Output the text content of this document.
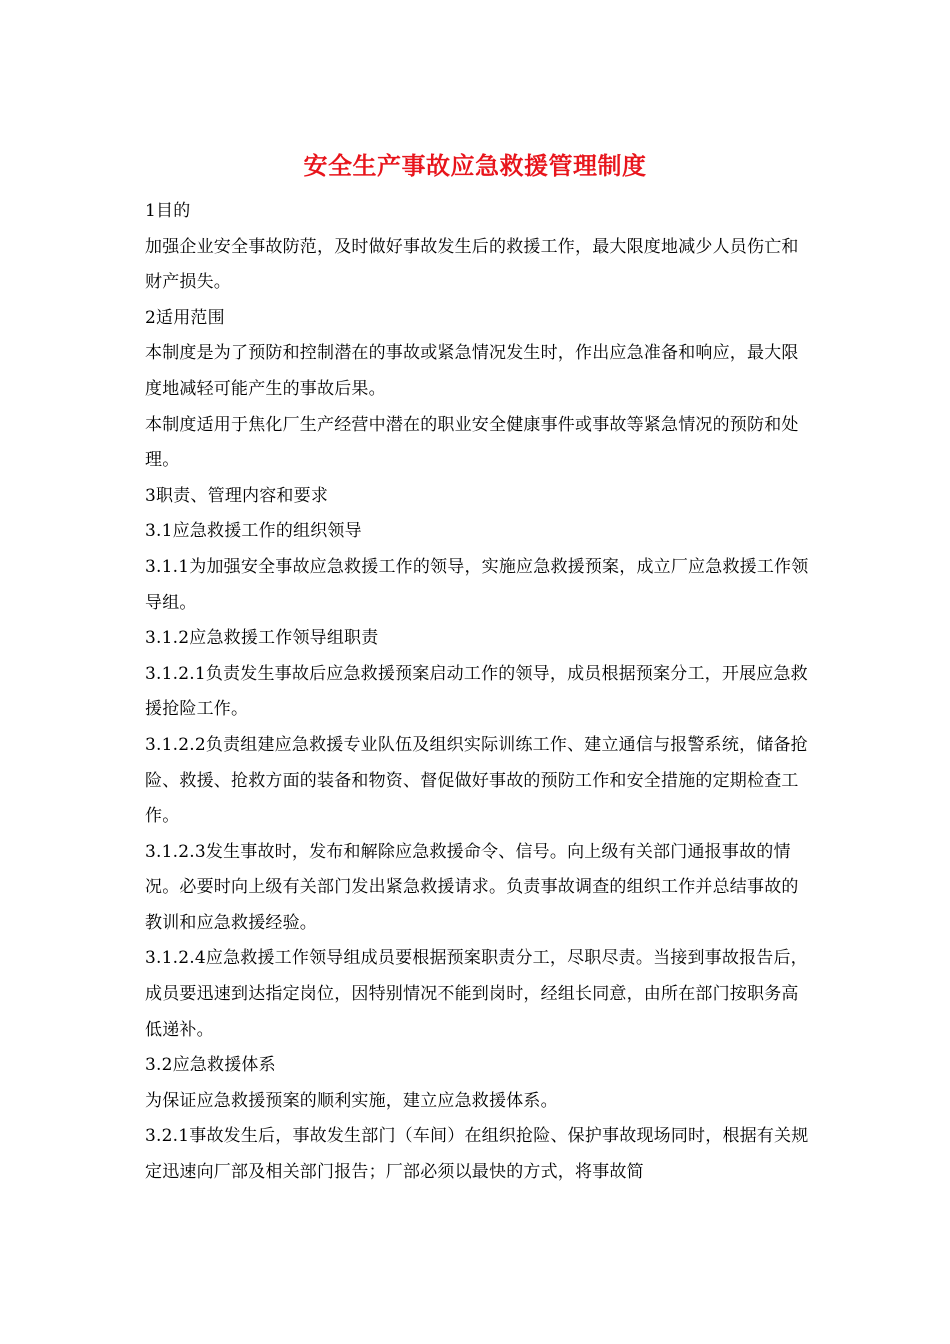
安全生产事故应急救援管理制度

1目的

加强企业安全事故防范，及时做好事故发生后的救援工作，最大限度地减少人员伤亡和财产损失。

2适用范围

本制度是为了预防和控制潜在的事故或紧急情况发生时，作出应急准备和响应，最大限度地减轻可能产生的事故后果。

本制度适用于焦化厂生产经营中潜在的职业安全健康事件或事故等紧急情况的预防和处理。

3职责、管理内容和要求

3.1应急救援工作的组织领导

3.1.1为加强安全事故应急救援工作的领导，实施应急救援预案，成立厂应急救援工作领导组。

3.1.2应急救援工作领导组职责

3.1.2.1负责发生事故后应急救援预案启动工作的领导，成员根据预案分工，开展应急救援抢险工作。

3.1.2.2负责组建应急救援专业队伍及组织实际训练工作、建立通信与报警系统，储备抢险、救援、抢救方面的装备和物资、督促做好事故的预防工作和安全措施的定期检查工作。

3.1.2.3发生事故时，发布和解除应急救援命令、信号。向上级有关部门通报事故的情况。必要时向上级有关部门发出紧急救援请求。负责事故调查的组织工作并总结事故的教训和应急救援经验。

3.1.2.4应急救援工作领导组成员要根据预案职责分工，尽职尽责。当接到事故报告后，成员要迅速到达指定岗位，因特别情况不能到岗时，经组长同意，由所在部门按职务高低递补。

3.2应急救援体系

为保证应急救援预案的顺利实施，建立应急救援体系。

3.2.1事故发生后，事故发生部门（车间）在组织抢险、保护事故现场同时，根据有关规定迅速向厂部及相关部门报告；厂部必须以最快的方式，将事故简
